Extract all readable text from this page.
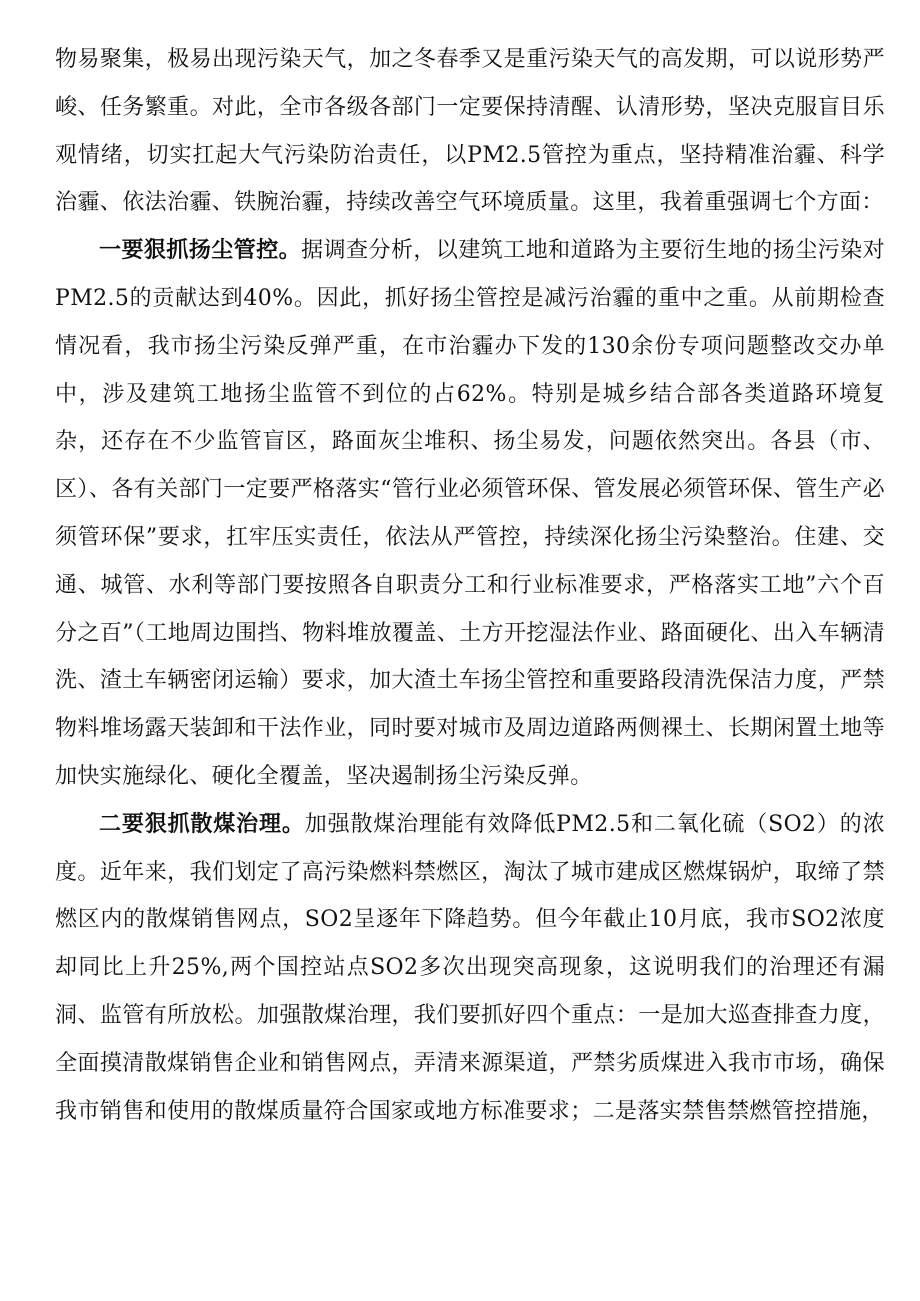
物易聚集，极易出现污染天气，加之冬春季又是重污染天气的高发期，可以说形势严峻、任务繁重。对此，全市各级各部门一定要保持清醒、认清形势，坚决克服盲目乐观情绪，切实扛起大气污染防治责任，以PM2.5管控为重点，坚持精准治霾、科学治霾、依法治霾、铁腕治霾，持续改善空气环境质量。这里，我着重强调七个方面：

一要狠抓扬尘管控。据调查分析，以建筑工地和道路为主要衍生地的扬尘污染对PM2.5的贡献达到40%。因此，抓好扬尘管控是减污治霾的重中之重。从前期检查情况看，我市扬尘污染反弹严重，在市治霾办下发的130余份专项问题整改交办单中，涉及建筑工地扬尘监管不到位的占62%。特别是城乡结合部各类道路环境复杂，还存在不少监管盲区，路面灰尘堆积、扬尘易发，问题依然突出。各县（市、区）、各有关部门一定要严格落实“管行业必须管环保、管发展必须管环保、管生产必须管环保”要求，扛牢压实责任，依法从严管控，持续深化扬尘污染整治。住建、交通、城管、水利等部门要按照各自职责分工和行业标准要求，严格落实工地”六个百分之百”（工地周边围挡、物料堆放覆盖、土方开挖湿法作业、路面硬化、出入车辆清洗、渣土车辆密闭运输）要求，加大渣土车扬尘管控和重要路段清洗保洁力度，严禁物料堆场露天装卸和干法作业，同时要对城市及周边道路两侧裸土、长期闲置土地等加快实施绿化、硬化全覆盖，坚决遏制扬尘污染反弹。

二要狠抓散煤治理。加强散煤治理能有效降低PM2.5和二氧化硫（SO2）的浓度。近年来，我们划定了高污染燃料禁燃区，淘汰了城市建成区燃煤锅炉，取缔了禁燃区内的散煤销售网点，SO2呈逐年下降趋势。但今年截止10月底，我市SO2浓度却同比上升25%,两个国控站点SO2多次出现突高现象，这说明我们的治理还有漏洞、监管有所放松。加强散煤治理，我们要抓好四个重点：一是加大巡查排查力度，全面摸清散煤销售企业和销售网点，弄清来源渠道，严禁劣质煤进入我市市场，确保我市销售和使用的散煤质量符合国家或地方标准要求；二是落实禁售禁燃管控措施，
